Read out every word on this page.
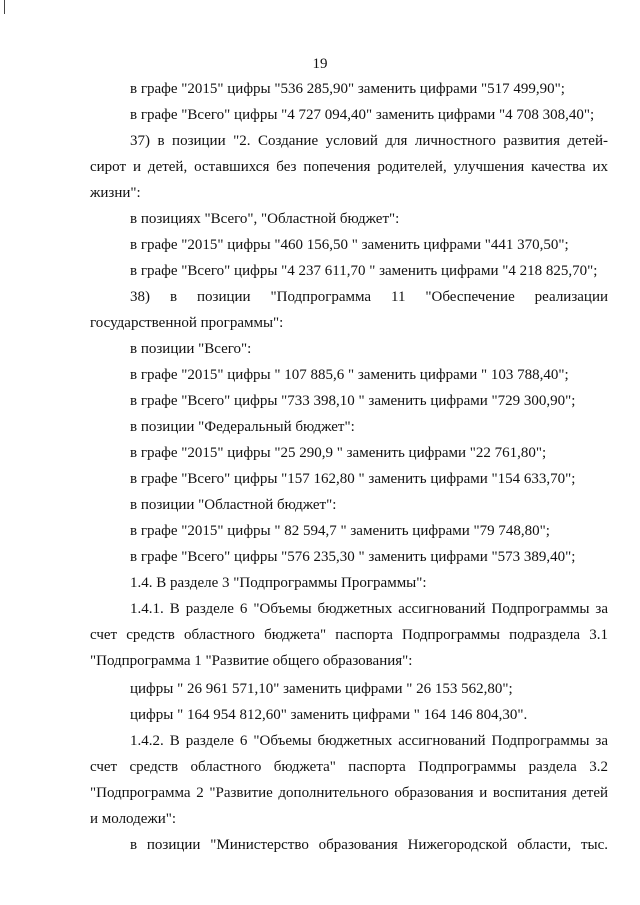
19
в графе "2015" цифры "536 285,90" заменить цифрами "517 499,90";
в графе "Всего" цифры "4 727 094,40" заменить цифрами "4 708 308,40";
37) в позиции "2. Создание условий для личностного развития детей-
сирот и детей, оставшихся без попечения родителей, улучшения качества их
жизни":
в позициях "Всего", "Областной бюджет":
в графе "2015" цифры "460 156,50 " заменить цифрами "441 370,50";
в графе "Всего" цифры "4 237 611,70 " заменить цифрами "4 218 825,70";
38) в позиции "Подпрограмма 11 "Обеспечение реализации
государственной программы":
в позиции "Всего":
в графе "2015" цифры " 107 885,6 " заменить цифрами " 103 788,40";
в графе "Всего" цифры "733 398,10 " заменить цифрами "729 300,90";
в позиции "Федеральный бюджет":
в графе "2015" цифры "25 290,9 " заменить цифрами "22 761,80";
в графе "Всего" цифры "157 162,80 " заменить цифрами "154 633,70";
в позиции "Областной бюджет":
в графе "2015" цифры " 82 594,7 " заменить цифрами "79 748,80";
в графе "Всего" цифры "576 235,30 " заменить цифрами "573 389,40";
1.4. В разделе 3 "Подпрограммы Программы":
1.4.1. В разделе 6 "Объемы бюджетных ассигнований Подпрограммы за
счет средств областного бюджета" паспорта Подпрограммы подраздела 3.1
"Подпрограмма 1 "Развитие общего образования":
цифры " 26 961 571,10" заменить цифрами " 26 153 562,80";
цифры " 164 954 812,60" заменить цифрами " 164 146 804,30".
1.4.2. В разделе 6 "Объемы бюджетных ассигнований Подпрограммы за
счет средств областного бюджета" паспорта Подпрограммы раздела 3.2
"Подпрограмма 2 "Развитие дополнительного образования и воспитания детей
и молодежи":
в позиции "Министерство образования Нижегородской области, тыс.
